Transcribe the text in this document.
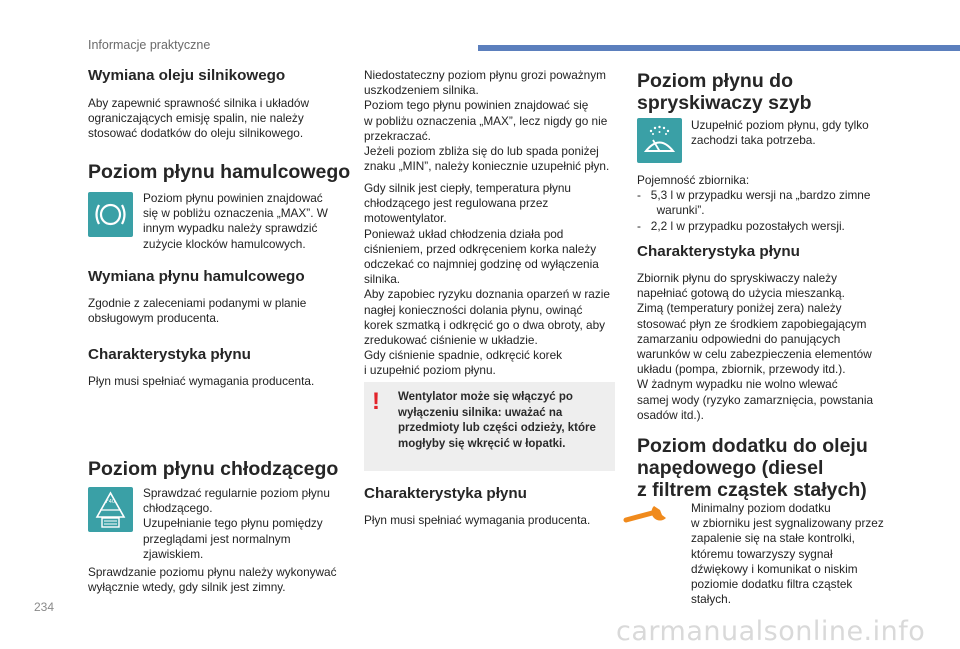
Informacje praktyczne
234
carmanualsonline.info
Wymiana oleju silnikowego

Aby zapewnić sprawność silnika i układów

ograniczających emisję spalin, nie należy

stosować dodatków do oleju silnikowego.

Poziom płynu hamulcowego

Poziom płynu powinien znajdować

się w pobliżu oznaczenia „MAX”. W

innym wypadku należy sprawdzić

zużycie klocków hamulcowych.

Wymiana płynu hamulcowego

Zgodnie z zaleceniami podanymi w planie

obsługowym producenta.

Charakterystyka płynu

Płyn musi spełniać wymagania producenta.

Poziom płynu chłodzącego
F40

Sprawdzać regularnie poziom płynu

chłodzącego.

Uzupełnianie tego płynu pomiędzy

przeglądami jest normalnym

zjawiskiem.

Sprawdzanie poziomu płynu należy wykonywać

wyłącznie wtedy, gdy silnik jest zimny.

Niedostateczny poziom płynu grozi poważnym

uszkodzeniem silnika.

Poziom tego płynu powinien znajdować się

w pobliżu oznaczenia „MAX”, lecz nigdy go nie

przekraczać.

Jeżeli poziom zbliża się do lub spada poniżej

znaku „MIN”, należy koniecznie uzupełnić płyn.

Gdy silnik jest ciepły, temperatura płynu

chłodzącego jest regulowana przez

motowentylator.

Ponieważ układ chłodzenia działa pod

ciśnieniem, przed odkręceniem korka należy

odczekać co najmniej godzinę od wyłączenia

silnika.

Aby zapobiec ryzyku doznania oparzeń w razie

nagłej konieczności dolania płynu, owinąć

korek szmatką i odkręcić go o dwa obroty, aby

zredukować ciśnienie w układzie.

Gdy ciśnienie spadnie, odkręcić korek

i uzupełnić poziom płynu.

! Wentylator może się włączyć po
wyłączeniu silnika: uważać na
przedmioty lub części odzieży, które
mogłyby się wkręcić w łopatki.
Charakterystyka płynu

Płyn musi spełniać wymagania producenta.

Poziom płynu do
spryskiwaczy szyb

Uzupełnić poziom płynu, gdy tylko

zachodzi taka potrzeba.

Pojemność zbiornika:

-   5,3 l w przypadku wersji na „bardzo zimne

warunki”.

-   2,2 l w przypadku pozostałych wersji.

Charakterystyka płynu

Zbiornik płynu do spryskiwaczy należy

napełniać gotową do użycia mieszanką.

Zimą (temperatury poniżej zera) należy

stosować płyn ze środkiem zapobiegającym

zamarzaniu odpowiedni do panujących

warunków w celu zabezpieczenia elementów

układu (pompa, zbiornik, przewody itd.).

W żadnym wypadku nie wolno wlewać

samej wody (ryzyko zamarznięcia, powstania

osadów itd.).

Poziom dodatku do oleju
napędowego (diesel
z filtrem cząstek stałych)

Minimalny poziom dodatku

w zbiorniku jest sygnalizowany przez

zapalenie się na stałe kontrolki,

któremu towarzyszy sygnał

dźwiękowy i komunikat o niskim

poziomie dodatku filtra cząstek

stałych.
